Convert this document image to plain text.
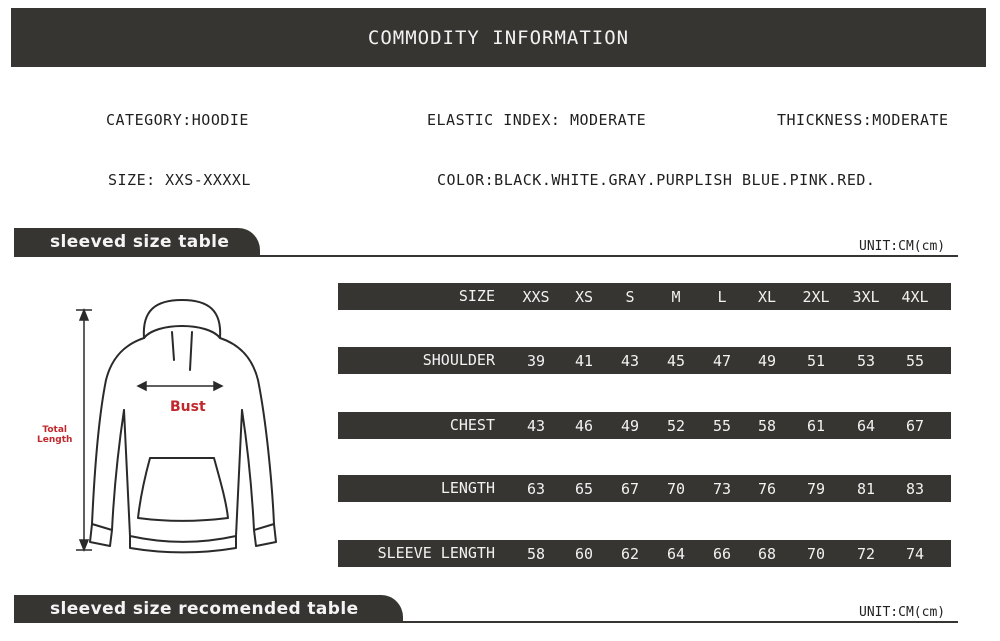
COMMODITY INFORMATION
CATEGORY:HOODIE	ELASTIC INDEX: MODERATE	THICKNESS:MODERATE
SIZE: XXS-XXXXL	COLOR:BLACK.WHITE.GRAY.PURPLISH BLUE.PINK.RED.
sleeved size table	UNIT:CM(cm)
Bust
Total
Length
SIZE	XXS	XS	S	M	L	XL	2XL	3XL	4XL
SHOULDER	39	41	43	45	47	49	51	53	55
CHEST	43	46	49	52	55	58	61	64	67
LENGTH	63	65	67	70	73	76	79	81	83
SLEEVE LENGTH	58	60	62	64	66	68	70	72	74
sleeved size recomended table	UNIT:CM(cm)
